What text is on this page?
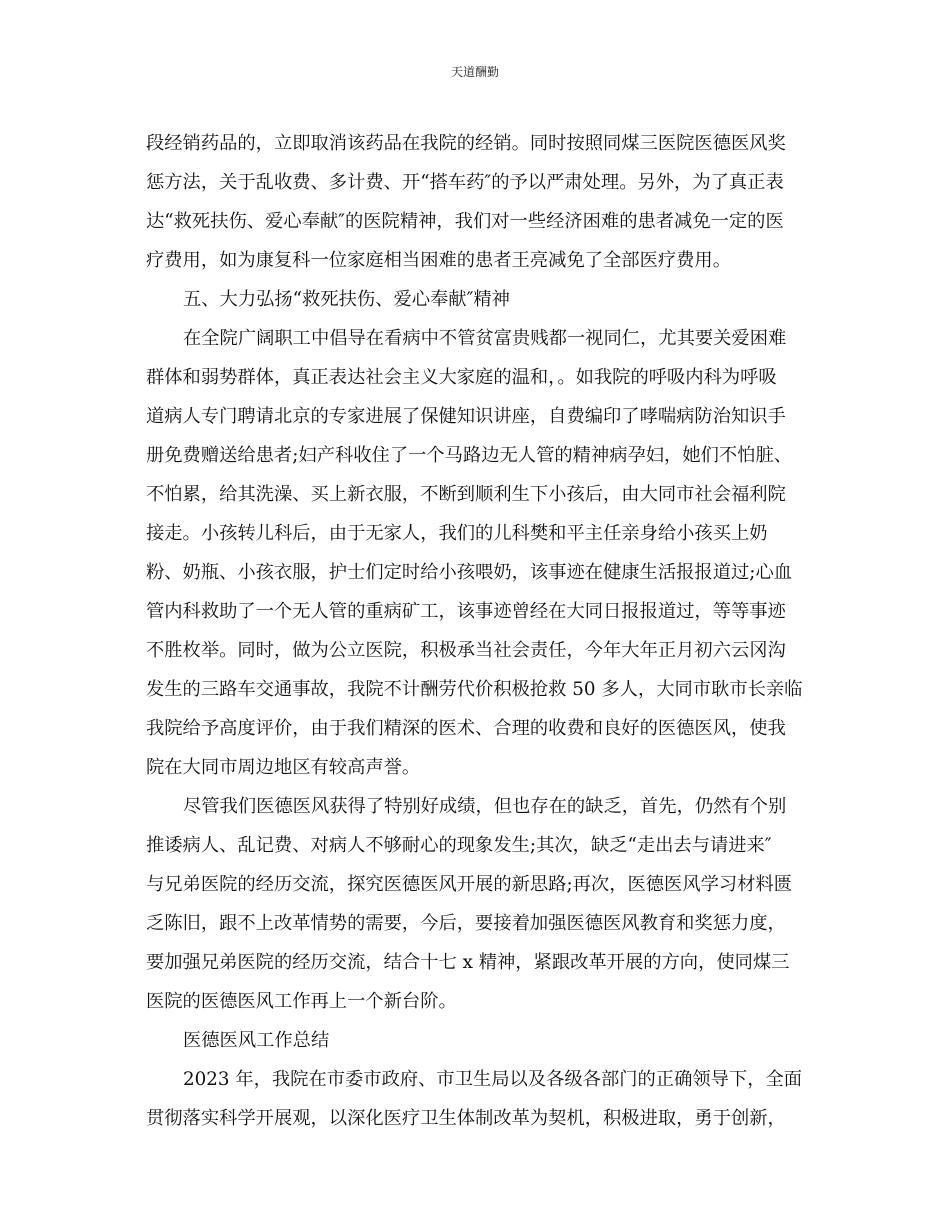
天道酬勤
段经销药品的，立即取消该药品在我院的经销。同时按照同煤三医院医德医风奖
惩方法，关于乱收费、多计费、开“搭车药″的予以严肃处理。另外，为了真正表
达“救死扶伤、爱心奉献″的医院精神，我们对一些经济困难的患者减免一定的医
疗费用，如为康复科一位家庭相当困难的患者王亮减免了全部医疗费用。
五、大力弘扬“救死扶伤、爱心奉献″精神
在全院广阔职工中倡导在看病中不管贫富贵贱都一视同仁，尤其要关爱困难
群体和弱势群体，真正表达社会主义大家庭的温和，。如我院的呼吸内科为呼吸
道病人专门聘请北京的专家进展了保健知识讲座，自费编印了哮喘病防治知识手
册免费赠送给患者;妇产科收住了一个马路边无人管的精神病孕妇，她们不怕脏、
不怕累，给其洗澡、买上新衣服，不断到顺利生下小孩后，由大同市社会福利院
接走。小孩转儿科后，由于无家人，我们的儿科樊和平主任亲身给小孩买上奶
粉、奶瓶、小孩衣服，护士们定时给小孩喂奶，该事迹在健康生活报报道过;心血
管内科救助了一个无人管的重病矿工，该事迹曾经在大同日报报道过，等等事迹
不胜枚举。同时，做为公立医院，积极承当社会责任，今年大年正月初六云冈沟
发生的三路车交通事故，我院不计酬劳代价积极抢救 50 多人，大同市耿市长亲临
我院给予高度评价，由于我们精深的医术、合理的收费和良好的医德医风，使我
院在大同市周边地区有较高声誉。
尽管我们医德医风获得了特别好成绩，但也存在的缺乏，首先，仍然有个别
推诿病人、乱记费、对病人不够耐心的现象发生;其次，缺乏“走出去与请进来″
与兄弟医院的经历交流，探究医德医风开展的新思路;再次，医德医风学习材料匮
乏陈旧，跟不上改革情势的需要，今后，要接着加强医德医风教育和奖惩力度，
要加强兄弟医院的经历交流，结合十七 x 精神，紧跟改革开展的方向，使同煤三
医院的医德医风工作再上一个新台阶。
医德医风工作总结
2023 年，我院在市委市政府、市卫生局以及各级各部门的正确领导下，全面
贯彻落实科学开展观，以深化医疗卫生体制改革为契机，积极进取，勇于创新，
